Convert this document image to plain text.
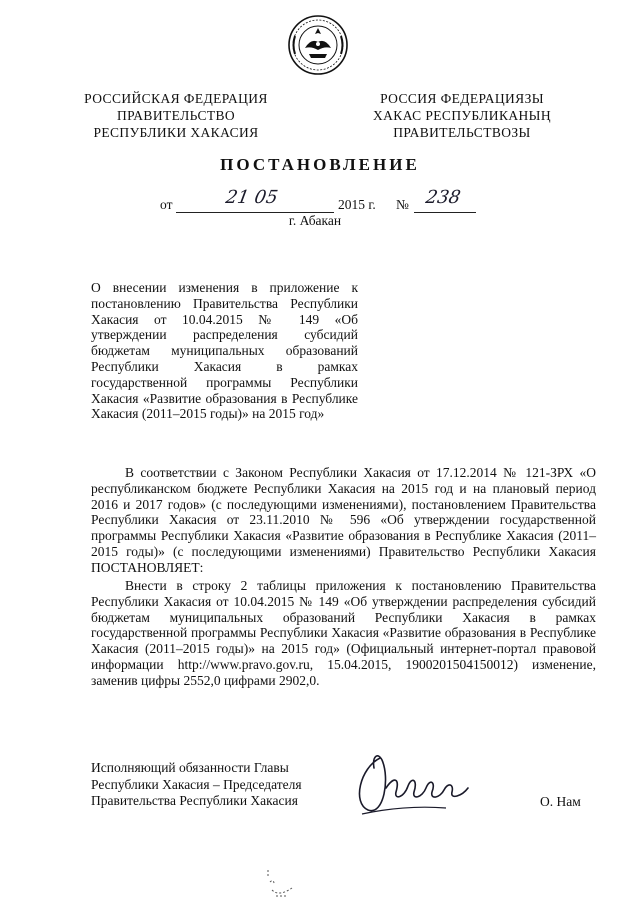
РОССИЙСКАЯ ФЕДЕРАЦИЯ
ПРАВИТЕЛЬСТВО
РЕСПУБЛИКИ ХАКАСИЯ
РОССИЯ ФЕДЕРАЦИЯЗЫ
ХАКАС РЕСПУБЛИКАНЫҢ
ПРАВИТЕЛЬСТВОЗЫ
ПОСТАНОВЛЕНИЕ
от	21 05	2015 г. № 238
г. Абакан
О внесении изменения в приложение к постановлению Правительства Республики Хакасия от 10.04.2015 № 149 «Об утверждении распределения субсидий бюджетам муниципальных образований Республики Хакасия в рамках государственной программы Республики Хакасия «Развитие образования в Республике Хакасия (2011–2015 годы)» на 2015 год»
В соответствии с Законом Республики Хакасия от 17.12.2014 № 121-ЗРХ «О республиканском бюджете Республики Хакасия на 2015 год и на плановый период 2016 и 2017 годов» (с последующими изменениями), постановлением Правительства Республики Хакасия от 23.11.2010 № 596 «Об утверждении государственной программы Республики Хакасия «Развитие образования в Республике Хакасия (2011–2015 годы)» (с последующими изменениями) Правительство Республики Хакасия ПОСТАНОВЛЯЕТ:
Внести в строку 2 таблицы приложения к постановлению Правительства Республики Хакасия от 10.04.2015 № 149 «Об утверждении распределения субсидий бюджетам муниципальных образований Республики Хакасия в рамках государственной программы Республики Хакасия «Развитие образования в Республике Хакасия (2011–2015 годы)» на 2015 год» (Официальный интернет-портал правовой информации http://www.pravo.gov.ru, 15.04.2015, 1900201504150012) изменение, заменив цифры 2552,0 цифрами 2902,0.
Исполняющий обязанности Главы
Республики Хакасия – Председателя
Правительства Республики Хакасия	О. Нам
